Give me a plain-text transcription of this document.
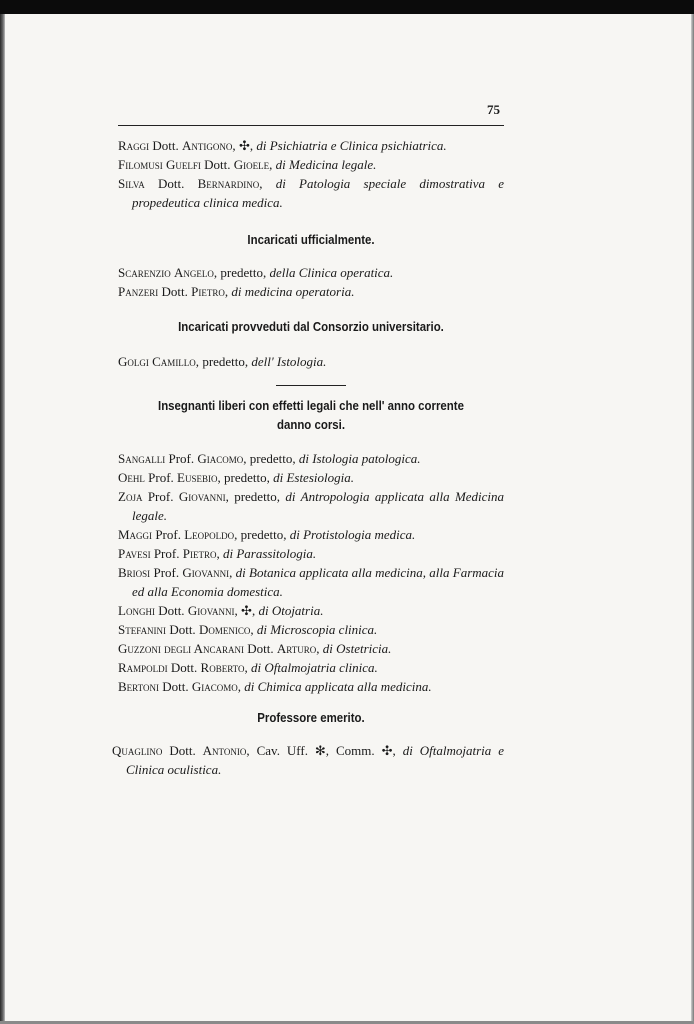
75

Raggi Dott. Antigono, ✣, di Psichiatria e Clinica psichiatrica.

Filomusi Guelfi Dott. Gioele, di Medicina legale.

Silva Dott. Bernardino, di Patologia speciale dimostrativa e propedeutica clinica medica.

Incaricati ufficialmente.

Scarenzio Angelo, predetto, della Clinica operatica.

Panzeri Dott. Pietro, di medicina operatoria.

Incaricati provveduti dal Consorzio universitario.

Golgi Camillo, predetto, dell' Istologia.

Insegnanti liberi con effetti legali che nell' anno corrente

danno corsi.

Sangalli Prof. Giacomo, predetto, di Istologia patologica.

Oehl Prof. Eusebio, predetto, di Estesiologia.

Zoja Prof. Giovanni, predetto, di Antropologia applicata alla Medicina legale.

Maggi Prof. Leopoldo, predetto, di Protistologia medica.

Pavesi Prof. Pietro, di Parassitologia.

Briosi Prof. Giovanni, di Botanica applicata alla medicina, alla Farmacia ed alla Economia domestica.

Longhi Dott. Giovanni, ✣, di Otojatria.

Stefanini Dott. Domenico, di Microscopia clinica.

Guzzoni degli Ancarani Dott. Arturo, di Ostetricia.

Rampoldi Dott. Roberto, di Oftalmojatria clinica.

Bertoni Dott. Giacomo, di Chimica applicata alla medicina.

Professore emerito.

Quaglino Dott. Antonio, Cav. Uff. ✻, Comm. ✣, di Oftalmojatria e Clinica oculistica.
